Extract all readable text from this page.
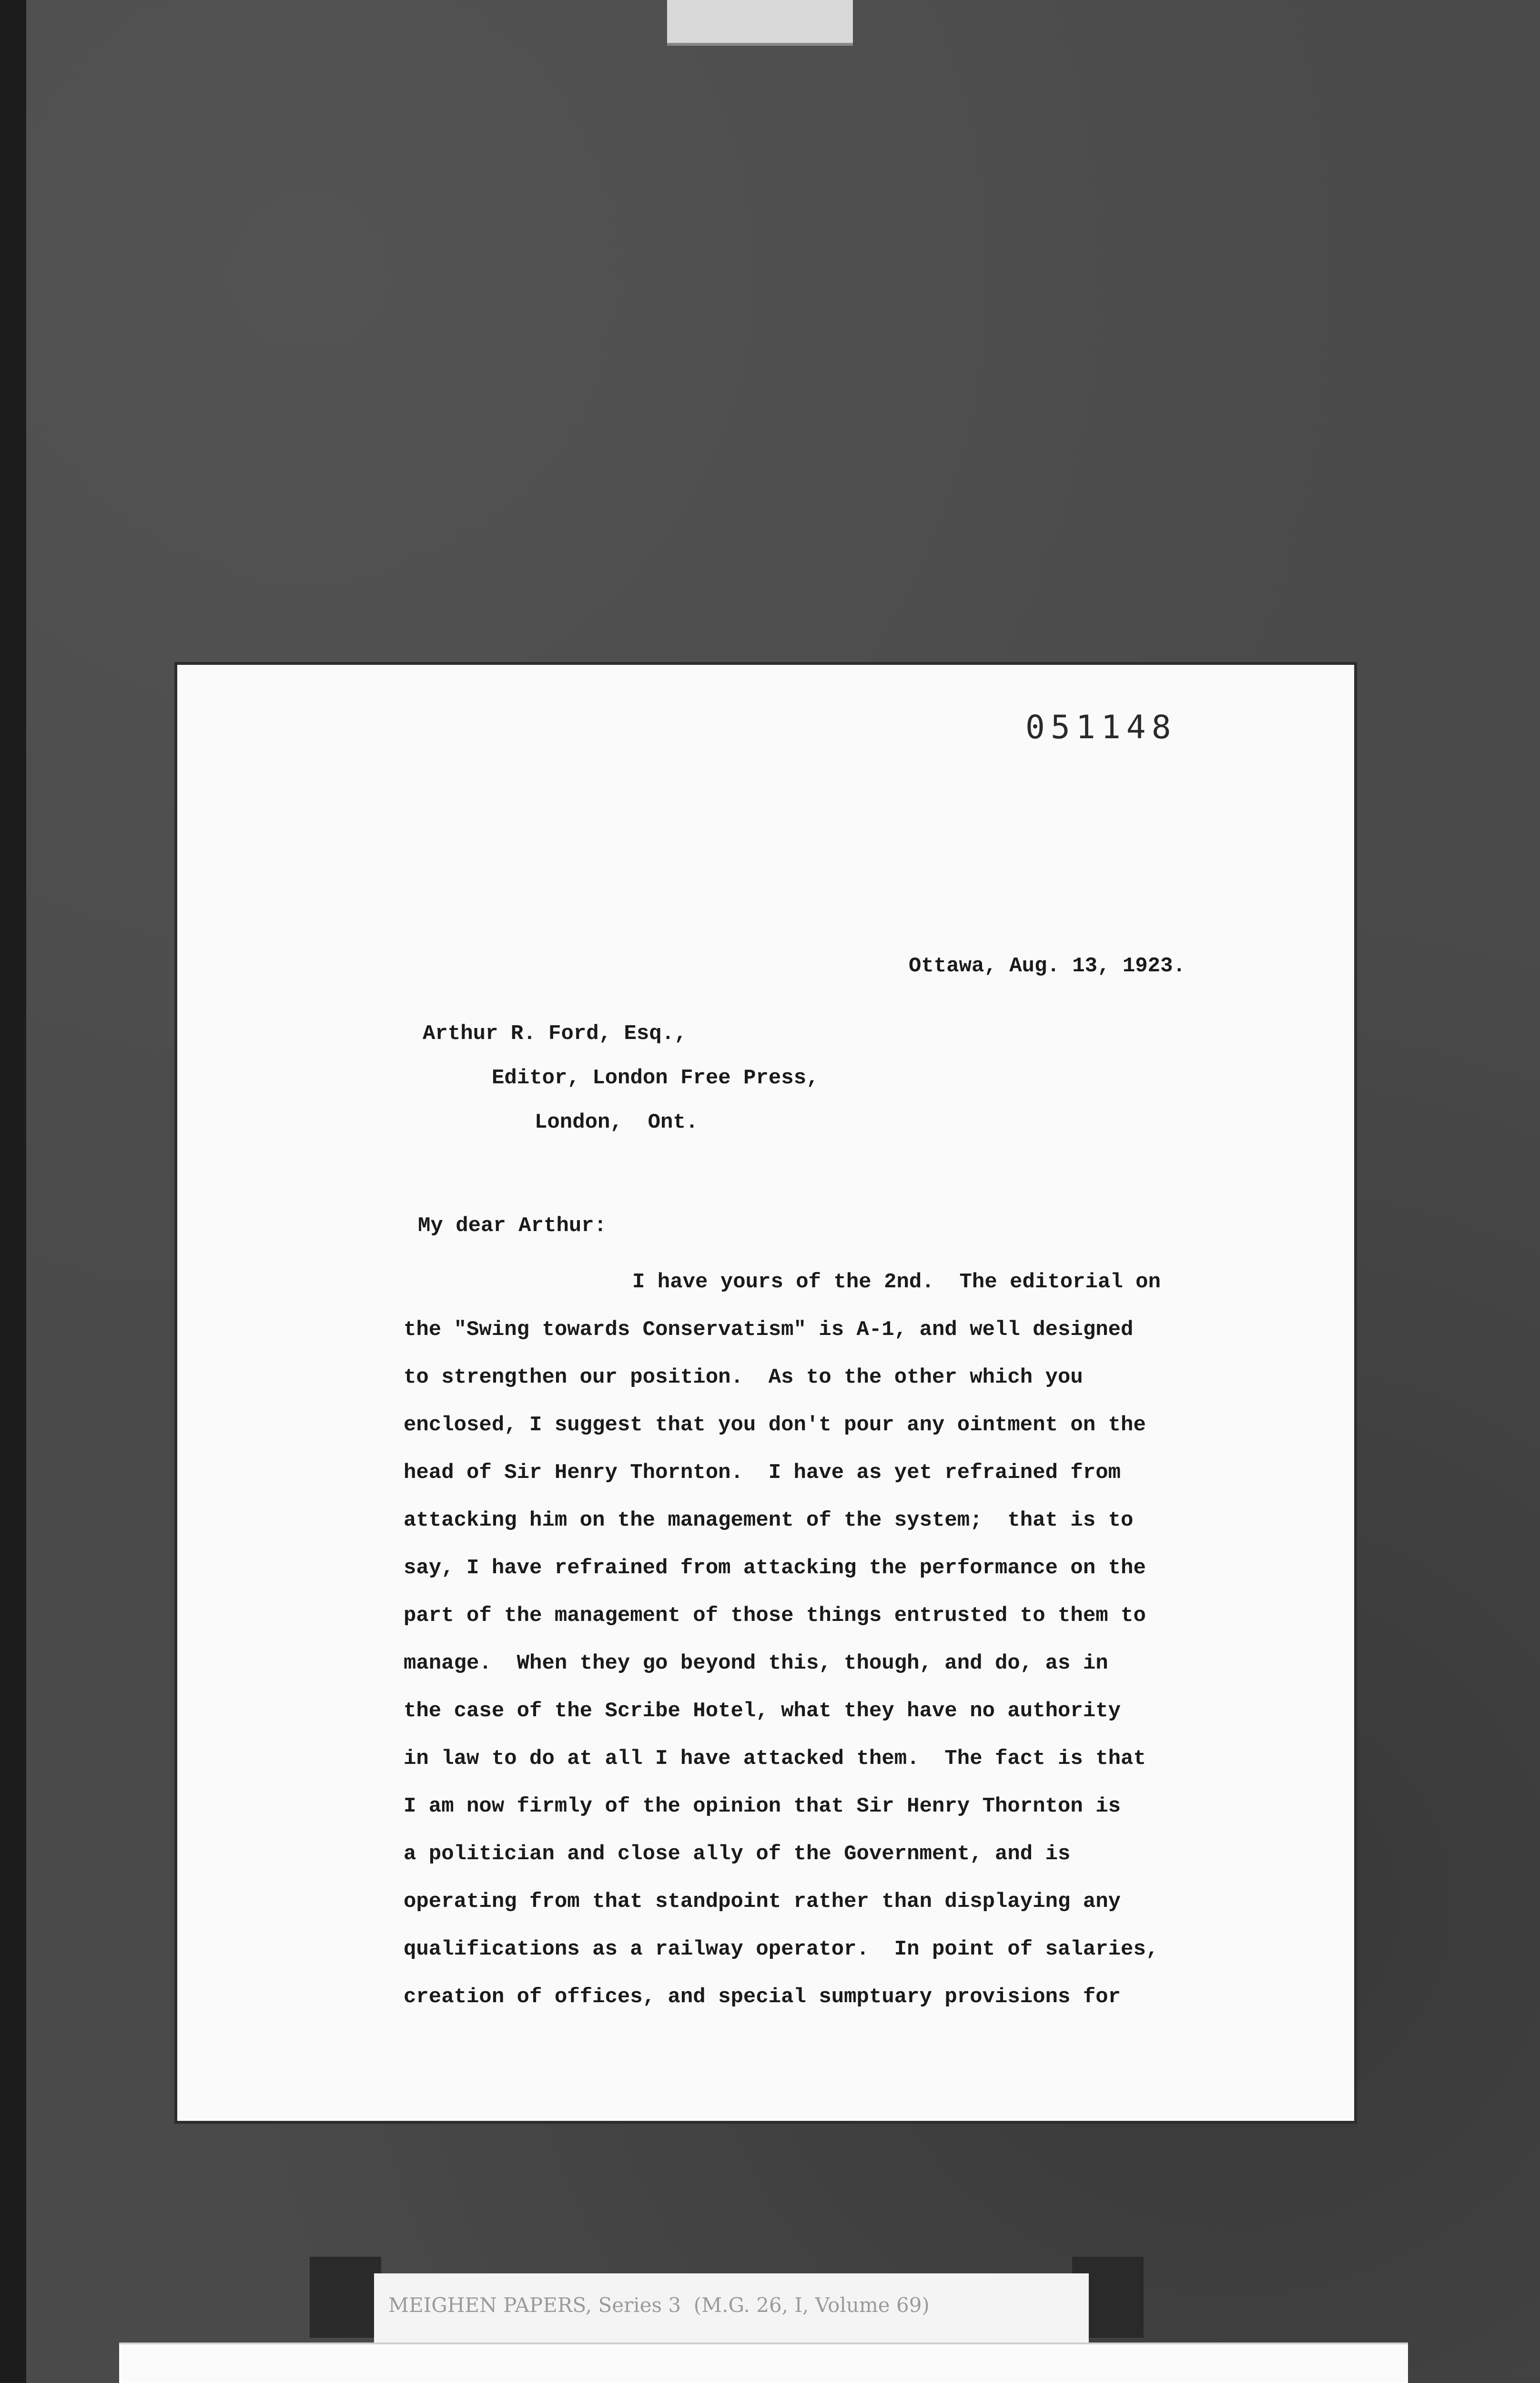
051148
Ottawa, Aug. 13, 1923.
Arthur R. Ford, Esq.,
Editor, London Free Press,
London,  Ont.
My dear Arthur:
I have yours of the 2nd.  The editorial on
the "Swing towards Conservatism" is A-1, and well designed
to strengthen our position.  As to the other which you
enclosed, I suggest that you don't pour any ointment on the
head of Sir Henry Thornton.  I have as yet refrained from
attacking him on the management of the system;  that is to
say, I have refrained from attacking the performance on the
part of the management of those things entrusted to them to
manage.  When they go beyond this, though, and do, as in
the case of the Scribe Hotel, what they have no authority
in law to do at all I have attacked them.  The fact is that
I am now firmly of the opinion that Sir Henry Thornton is
a politician and close ally of the Government, and is
operating from that standpoint rather than displaying any
qualifications as a railway operator.  In point of salaries,
creation of offices, and special sumptuary provisions for
MEIGHEN PAPERS, Series 3  (M.G. 26, I, Volume 69)
